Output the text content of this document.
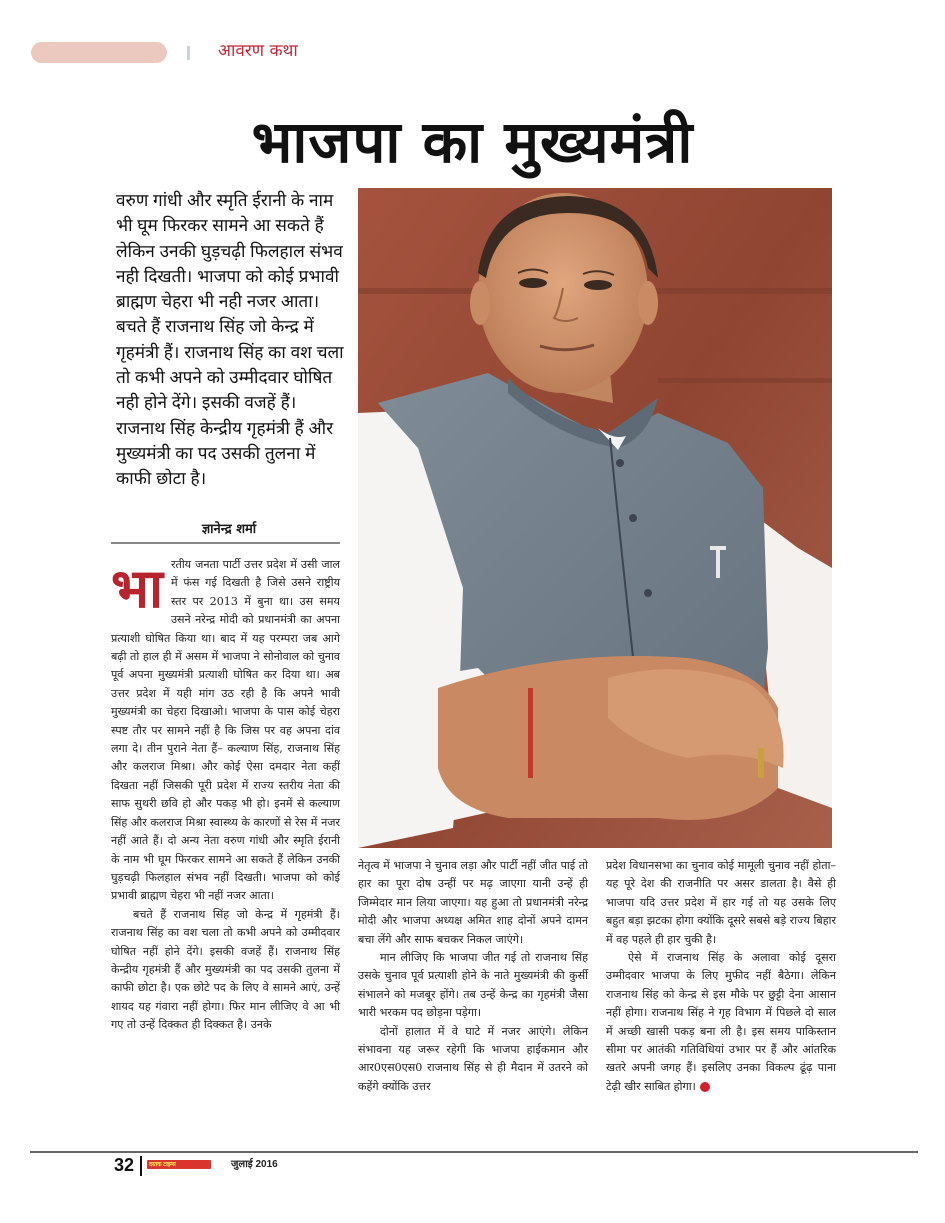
आवरण कथा
भाजपा का मुख्यमंत्री
वरुण गांधी और स्मृति ईरानी के नाम भी घूम फिरकर सामने आ सकते हैं लेकिन उनकी घुड़चढ़ी फिलहाल संभव नही दिखती। भाजपा को कोई प्रभावी ब्राह्मण चेहरा भी नही नजर आता। बचते हैं राजनाथ सिंह जो केन्द्र में गृहमंत्री हैं। राजनाथ सिंह का वश चला तो कभी अपने को उम्मीदवार घोषित नही होने देंगे। इसकी वजहें हैं। राजनाथ सिंह केन्द्रीय गृहमंत्री हैं और मुख्यमंत्री का पद उसकी तुलना में काफी छोटा है।
ज्ञानेन्द्र शर्मा
भा रतीय जनता पार्टी उत्तर प्रदेश में उसी जाल में फंस गई दिखती है जिसे उसने राष्ट्रीय स्तर पर 2013 में बुना था। उस समय उसने नरेन्द्र मोदी को प्रधानमंत्री का अपना प्रत्याशी घोषित किया था। बाद में यह परम्परा जब आगे बढ़ी तो हाल ही में असम में भाजपा ने सोनोवाल को चुनाव पूर्व अपना मुख्यमंत्री प्रत्याशी घोषित कर दिया था। अब उत्तर प्रदेश में यही मांग उठ रही है कि अपने भावी मुख्यमंत्री का चेहरा दिखाओ। भाजपा के पास कोई चेहरा स्पष्ट तौर पर सामने नहीं है कि जिस पर वह अपना दांव लगा दे। तीन पुराने नेता हैं– कल्याण सिंह, राजनाथ सिंह और कलराज मिश्रा। और कोई ऐसा दमदार नेता कहीं दिखता नहीं जिसकी पूरी प्रदेश में राज्य स्तरीय नेता की साफ सुथरी छवि हो और पकड़ भी हो। इनमें से कल्याण सिंह और कलराज मिश्रा स्वास्थ्य के कारणों से रेस में नजर नहीं आते हैं। दो अन्य नेता वरुण गांधी और स्मृति ईरानी के नाम भी घूम फिरकर सामने आ सकते हैं लेकिन उनकी घुड़चढ़ी फिलहाल संभव नहीं दिखती। भाजपा को कोई प्रभावी ब्राह्मण चेहरा भी नहीं नजर आता।

बचते हैं राजनाथ सिंह जो केन्द्र में गृहमंत्री हैं। राजनाथ सिंह का वश चला तो कभी अपने को उम्मीदवार घोषित नहीं होने देंगे। इसकी वजहें हैं। राजनाथ सिंह केन्द्रीय गृहमंत्री हैं और मुख्यमंत्री का पद उसकी तुलना में काफी छोटा है। एक छोटे पद के लिए वे सामने आएं, उन्हें शायद यह गंवारा नहीं होगा। फिर मान लीजिए वे आ भी गए तो उन्हें दिक्कत ही दिक्कत है। उनके

नेतृत्व में भाजपा ने चुनाव लड़ा और पार्टी नहीं जीत पाई तो हार का पूरा दोष उन्हीं पर मढ़ जाएगा यानी उन्हें ही जिम्मेदार मान लिया जाएगा। यह हुआ तो प्रधानमंत्री नरेन्द्र मोदी और भाजपा अध्यक्ष अमित शाह दोनों अपने दामन बचा लेंगे और साफ बचकर निकल जाएंगे।

मान लीजिए कि भाजपा जीत गई तो राजनाथ सिंह उसके चुनाव पूर्व प्रत्याशी होने के नाते मुख्यमंत्री की कुर्सी संभालने को मजबूर होंगे। तब उन्हें केन्द्र का गृहमंत्री जैसा भारी भरकम पद छोड़ना पड़ेगा।

दोनों हालात में वे घाटे में नजर आएंगे। लेकिन संभावना यह जरूर रहेगी कि भाजपा हाईकमान और आर0एस0एस0 राजनाथ सिंह से ही मैदान में उतरने को कहेंगे क्योंकि उत्तर

प्रदेश विधानसभा का चुनाव कोई मामूली चुनाव नहीं होता– यह पूरे देश की राजनीति पर असर डालता है। वैसे ही भाजपा यदि उत्तर प्रदेश में हार गई तो यह उसके लिए बहुत बड़ा झटका होगा क्योंकि दूसरे सबसे बड़े राज्य बिहार में वह पहले ही हार चुकी है।

ऐसे में राजनाथ सिंह के अलावा कोई दूसरा उम्मीदवार भाजपा के लिए मुफीद नहीं बैठेगा। लेकिन राजनाथ सिंह को केन्द्र से इस मौके पर छुट्टी देना आसान नहीं होगा। राजनाथ सिंह ने गृह विभाग में पिछले दो साल में अच्छी खासी पकड़ बना ली है। इस समय पाकिस्तान सीमा पर आतंकी गतिविधियां उभार पर हैं और आंतरिक खतरे अपनी जगह हैं। इसलिए उनका विकल्प ढूंढ़ पाना टेढ़ी खीर साबित होगा।

32	दस्तक टाइम्स	जुलाई 2016
